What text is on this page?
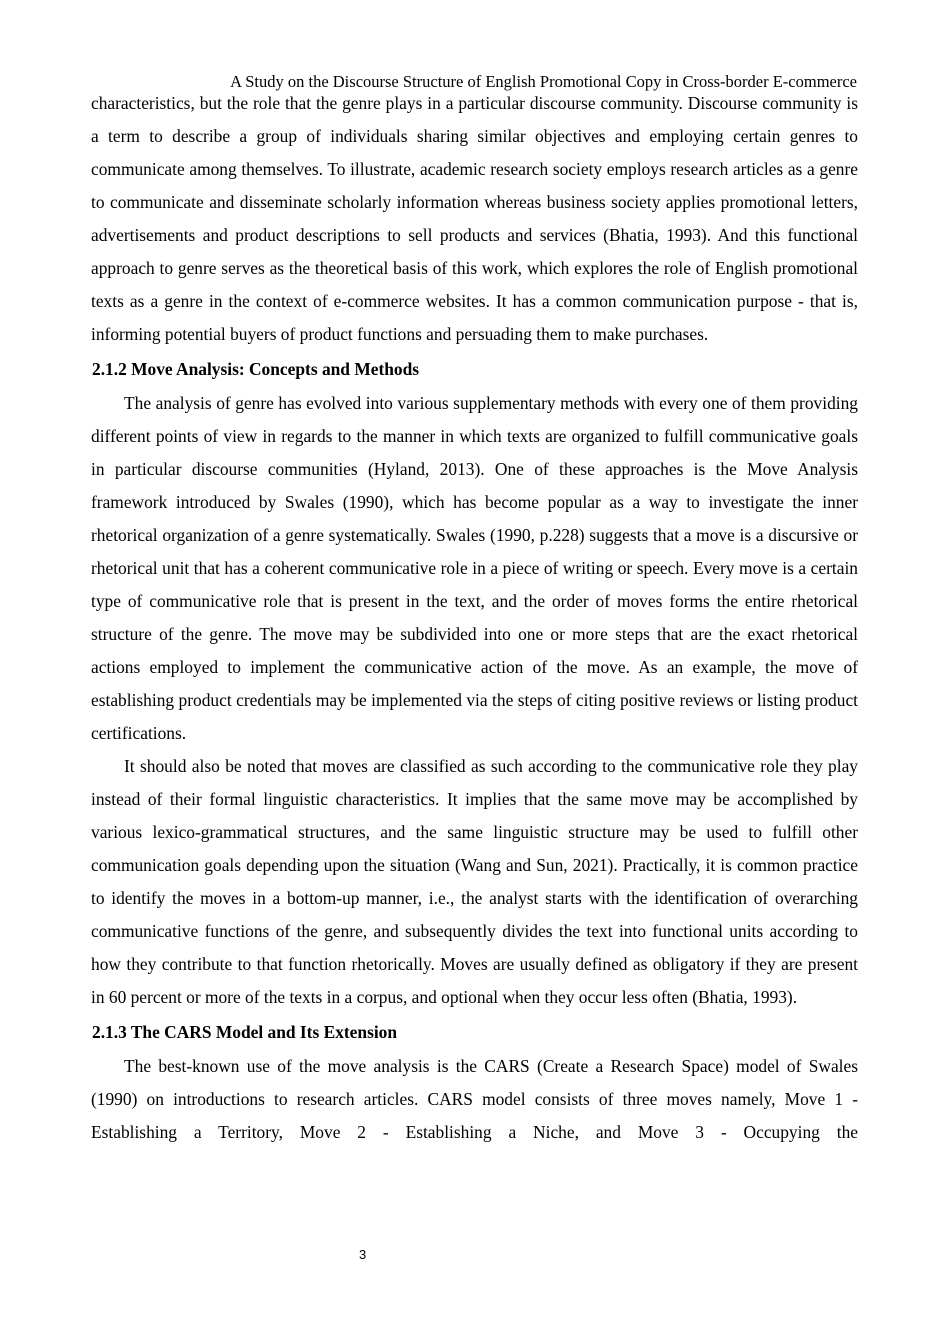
A Study on the Discourse Structure of English Promotional Copy in Cross-border E-commerce

characteristics, but the role that the genre plays in a particular discourse community. Discourse community is a term to describe a group of individuals sharing similar objectives and employing certain genres to communicate among themselves. To illustrate, academic research society employs research articles as a genre to communicate and disseminate scholarly information whereas business society applies promotional letters, advertisements and product descriptions to sell products and services (Bhatia, 1993). And this functional approach to genre serves as the theoretical basis of this work, which explores the role of English promotional texts as a genre in the context of e-commerce websites. It has a common communication purpose - that is, informing potential buyers of product functions and persuading them to make purchases.

2.1.2 Move Analysis: Concepts and Methods

The analysis of genre has evolved into various supplementary methods with every one of them providing different points of view in regards to the manner in which texts are organized to fulfill communicative goals in particular discourse communities (Hyland, 2013). One of these approaches is the Move Analysis framework introduced by Swales (1990), which has become popular as a way to investigate the inner rhetorical organization of a genre systematically. Swales (1990, p.228) suggests that a move is a discursive or rhetorical unit that has a coherent communicative role in a piece of writing or speech. Every move is a certain type of communicative role that is present in the text, and the order of moves forms the entire rhetorical structure of the genre. The move may be subdivided into one or more steps that are the exact rhetorical actions employed to implement the communicative action of the move. As an example, the move of establishing product credentials may be implemented via the steps of citing positive reviews or listing product certifications.

It should also be noted that moves are classified as such according to the communicative role they play instead of their formal linguistic characteristics. It implies that the same move may be accomplished by various lexico-grammatical structures, and the same linguistic structure may be used to fulfill other communication goals depending upon the situation (Wang and Sun, 2021). Practically, it is common practice to identify the moves in a bottom-up manner, i.e., the analyst starts with the identification of overarching communicative functions of the genre, and subsequently divides the text into functional units according to how they contribute to that function rhetorically. Moves are usually defined as obligatory if they are present in 60 percent or more of the texts in a corpus, and optional when they occur less often (Bhatia, 1993).

2.1.3 The CARS Model and Its Extension

The best-known use of the move analysis is the CARS (Create a Research Space) model of Swales (1990) on introductions to research articles. CARS model consists of three moves namely, Move 1 - Establishing a Territory, Move 2 - Establishing a Niche, and Move 3 - Occupying the

3
